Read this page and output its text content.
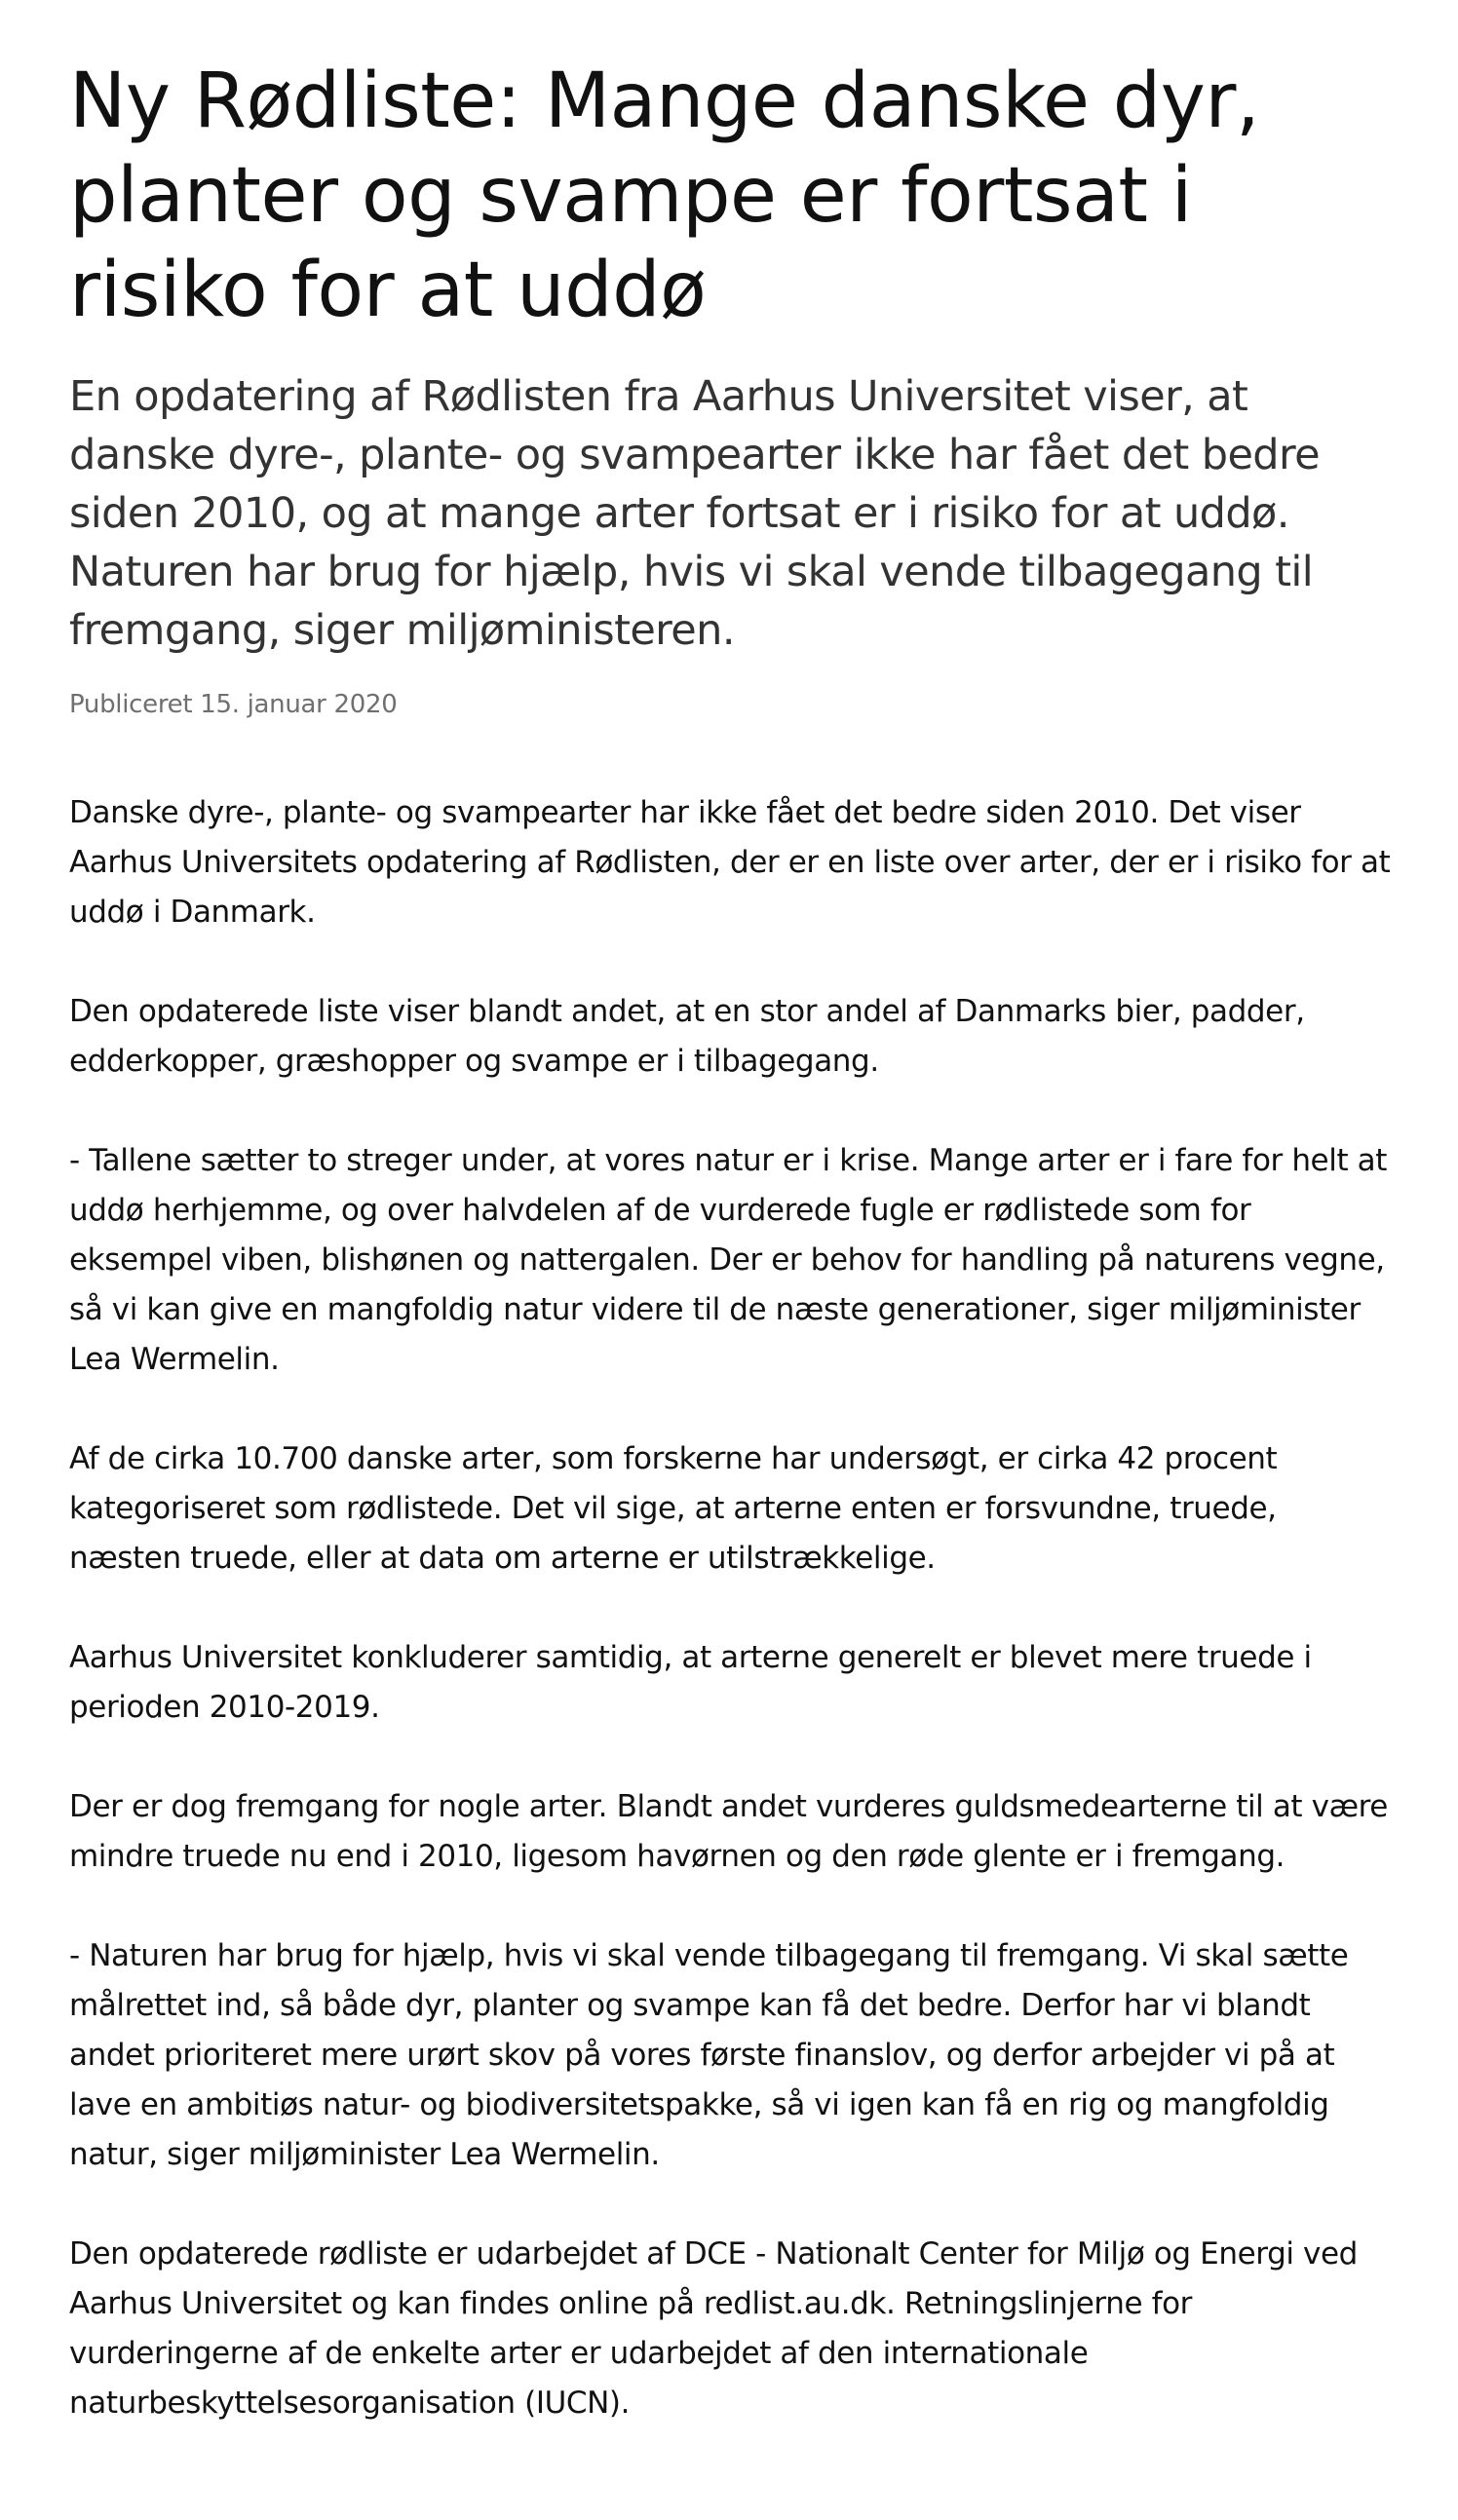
Ny Rødliste: Mange danske dyr, planter og svampe er fortsat i risiko for at uddø

En opdatering af Rødlisten fra Aarhus Universitet viser, at danske dyre-, plante- og svampearter ikke har fået det bedre siden 2010, og at mange arter fortsat er i risiko for at uddø. Naturen har brug for hjælp, hvis vi skal vende tilbagegang til fremgang, siger miljøministeren.

Publiceret 15. januar 2020

Danske dyre-, plante- og svampearter har ikke fået det bedre siden 2010. Det viser Aarhus Universitets opdatering af Rødlisten, der er en liste over arter, der er i risiko for at uddø i Danmark.

Den opdaterede liste viser blandt andet, at en stor andel af Danmarks bier, padder, edderkopper, græshopper og svampe er i tilbagegang.

- Tallene sætter to streger under, at vores natur er i krise. Mange arter er i fare for helt at uddø herhjemme, og over halvdelen af de vurderede fugle er rødlistede som for eksempel viben, blishønen og nattergalen. Der er behov for handling på naturens vegne, så vi kan give en mangfoldig natur videre til de næste generationer, siger miljøminister Lea Wermelin.

Af de cirka 10.700 danske arter, som forskerne har undersøgt, er cirka 42 procent kategoriseret som rødlistede. Det vil sige, at arterne enten er forsvundne, truede, næsten truede, eller at data om arterne er utilstrækkelige.

Aarhus Universitet konkluderer samtidig, at arterne generelt er blevet mere truede i perioden 2010-2019.

Der er dog fremgang for nogle arter. Blandt andet vurderes guldsmedearterne til at være mindre truede nu end i 2010, ligesom havørnen og den røde glente er i fremgang.

- Naturen har brug for hjælp, hvis vi skal vende tilbagegang til fremgang. Vi skal sætte målrettet ind, så både dyr, planter og svampe kan få det bedre. Derfor har vi blandt andet prioriteret mere urørt skov på vores første finanslov, og derfor arbejder vi på at lave en ambitiøs natur- og biodiversitetspakke, så vi igen kan få en rig og mangfoldig natur, siger miljøminister Lea Wermelin.

Den opdaterede rødliste er udarbejdet af DCE - Nationalt Center for Miljø og Energi ved Aarhus Universitet og kan findes online på redlist.au.dk. Retningslinjerne for vurderingerne af de enkelte arter er udarbejdet af den internationale naturbeskyttelsesorganisation (IUCN).
